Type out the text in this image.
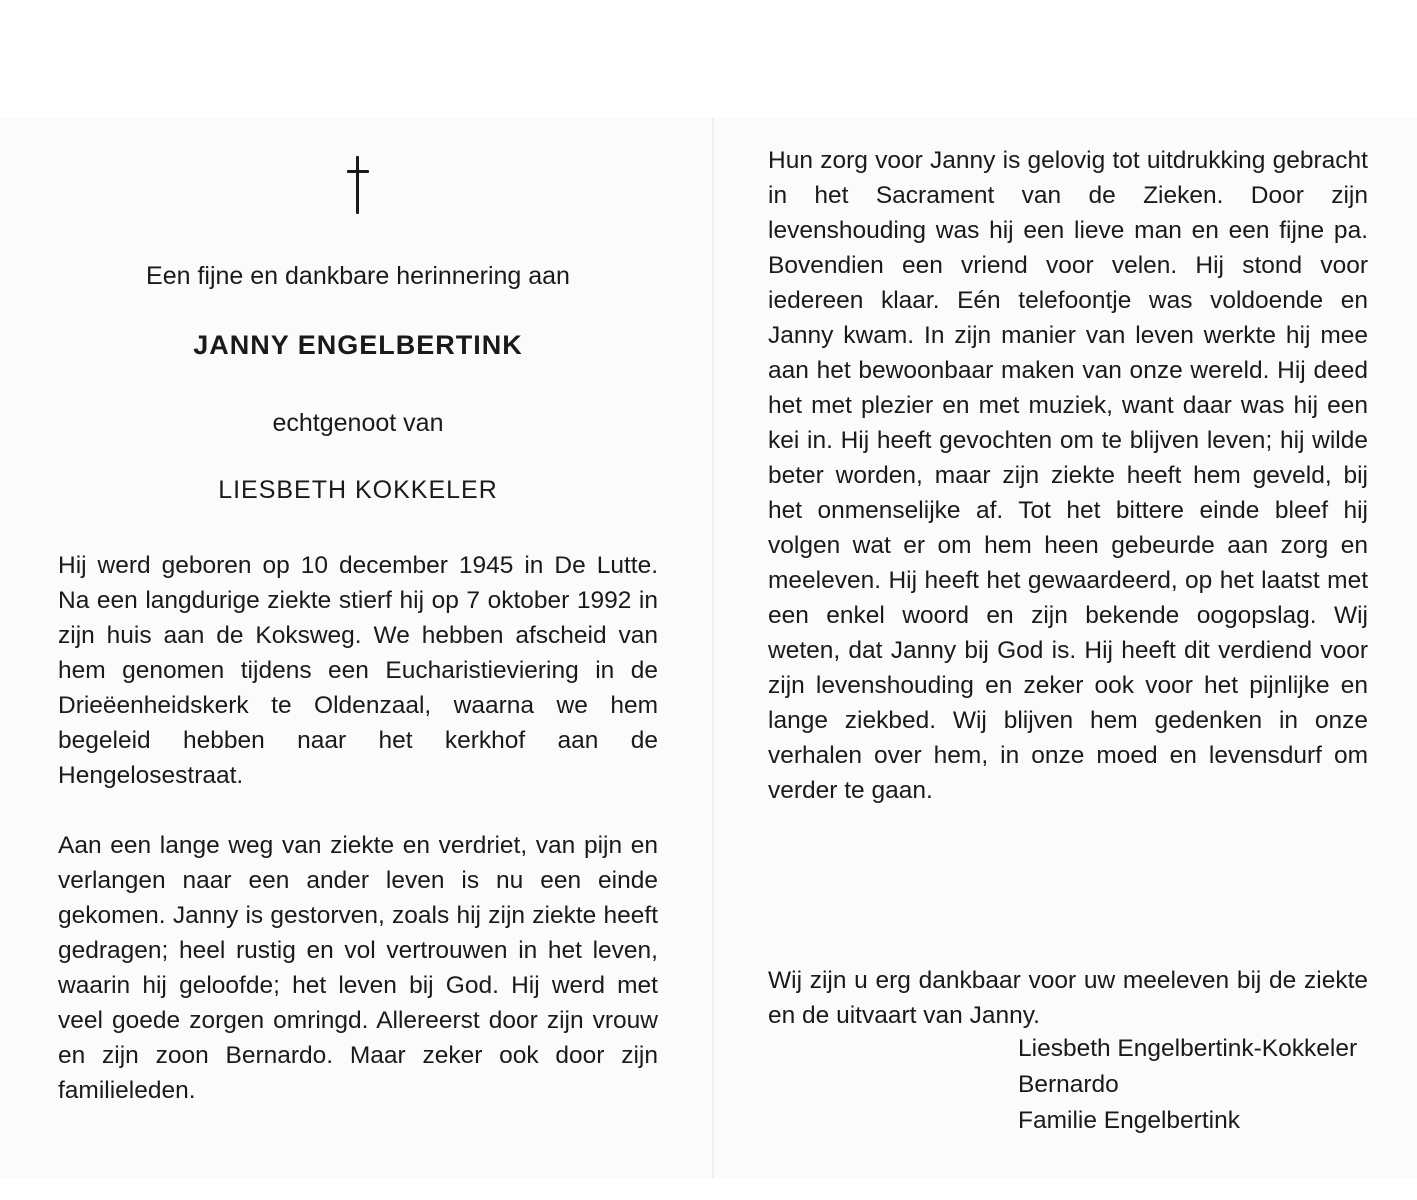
Een fijne en dankbare herinnering aan
JANNY ENGELBERTINK
echtgenoot van
LIESBETH KOKKELER

Hij werd geboren op 10 december 1945 in De Lutte. Na een langdurige ziekte stierf hij op 7 oktober 1992 in zijn huis aan de Koksweg. We hebben afscheid van hem genomen tijdens een Eucharistieviering in de Drieëenheidskerk te Oldenzaal, waarna we hem begeleid hebben naar het kerkhof aan de Hengelosestraat.

Aan een lange weg van ziekte en verdriet, van pijn en verlangen naar een ander leven is nu een einde gekomen. Janny is gestorven, zoals hij zijn ziekte heeft gedragen; heel rustig en vol vertrouwen in het leven, waarin hij geloofde; het leven bij God. Hij werd met veel goede zorgen omringd. Allereerst door zijn vrouw en zijn zoon Bernardo. Maar zeker ook door zijn familieleden.

Hun zorg voor Janny is gelovig tot uitdrukking gebracht in het Sacrament van de Zieken. Door zijn levenshouding was hij een lieve man en een fijne pa. Bovendien een vriend voor velen. Hij stond voor iedereen klaar. Eén telefoontje was voldoende en Janny kwam. In zijn manier van leven werkte hij mee aan het bewoonbaar maken van onze wereld. Hij deed het met plezier en met muziek, want daar was hij een kei in. Hij heeft gevochten om te blijven leven; hij wilde beter worden, maar zijn ziekte heeft hem geveld, bij het onmenselijke af. Tot het bittere einde bleef hij volgen wat er om hem heen gebeurde aan zorg en meeleven. Hij heeft het gewaardeerd, op het laatst met een enkel woord en zijn bekende oogopslag. Wij weten, dat Janny bij God is. Hij heeft dit verdiend voor zijn levenshouding en zeker ook voor het pijnlijke en lange ziekbed. Wij blijven hem gedenken in onze verhalen over hem, in onze moed en levensdurf om verder te gaan.

Wij zijn u erg dankbaar voor uw meeleven bij de ziekte en de uitvaart van Janny.

Liesbeth Engelbertink-Kokkeler
Bernardo
Familie Engelbertink
